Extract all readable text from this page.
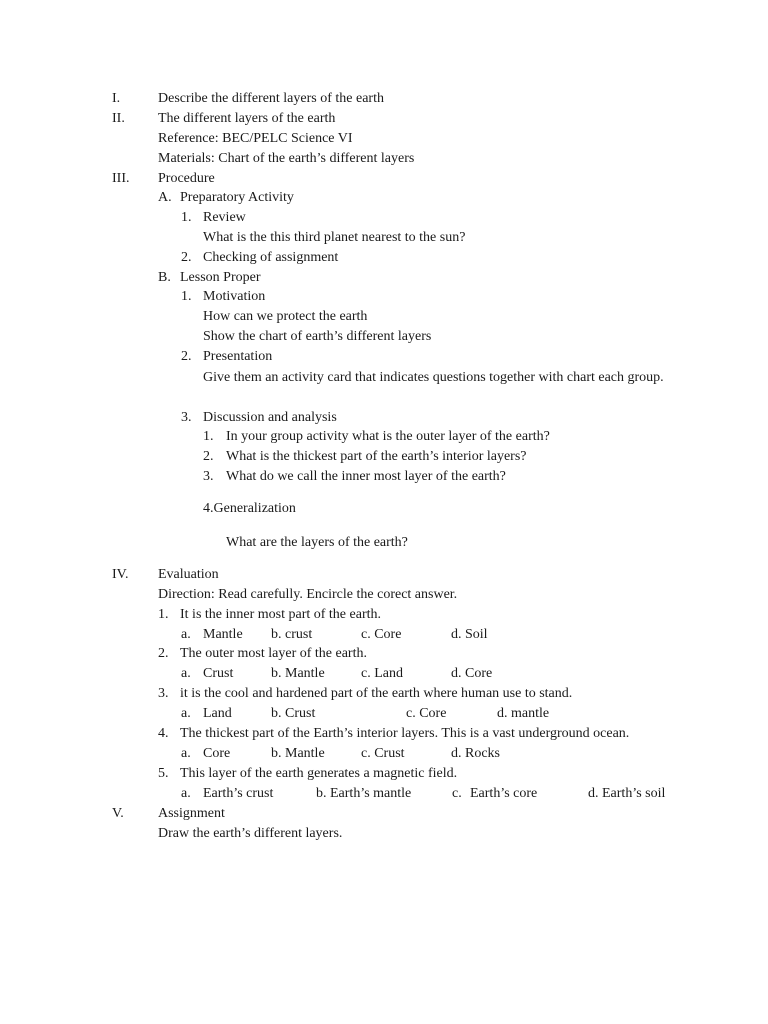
I.	Describe the different layers of the earth
II. The different layers of the earth
Reference: BEC/PELC Science VI
Materials: Chart of the earth’s different layers
III. Procedure
A. Preparatory Activity
1. Review
What is the this third planet nearest to the sun?
2. Checking of assignment
B. Lesson Proper
1. Motivation
How can we protect the earth
Show the chart of earth’s different layers
2. Presentation
Give them an activity card that indicates questions together with chart each group.
3. Discussion and analysis
1. In your group activity what is the outer layer of the earth?
2. What is the thickest part of the earth’s interior layers?
3. What do we call the inner most layer of the earth?
4.Generalization
What are the layers of the earth?
IV. Evaluation
Direction: Read carefully. Encircle the corect answer.
1. It is the inner most part of the earth.
a. Mantle b. crust	c. Core	d. Soil
2. The outer most layer of the earth.
a. Crust	b. Mantle	c. Land	d. Core
3. it is the cool and hardened part of the earth where human use to stand.
a. Land	b. Crust	c. Core	d. mantle
4. The thickest part of the Earth’s interior layers. This is a vast underground ocean.
a. Core	b. Mantle	c. Crust	d. Rocks
5. This layer of the earth generates a magnetic field.
a. Earth’s crust	b. Earth’s mantle	c. Earth’s core	d. Earth’s soil
V. Assignment
Draw the earth’s different layers.
